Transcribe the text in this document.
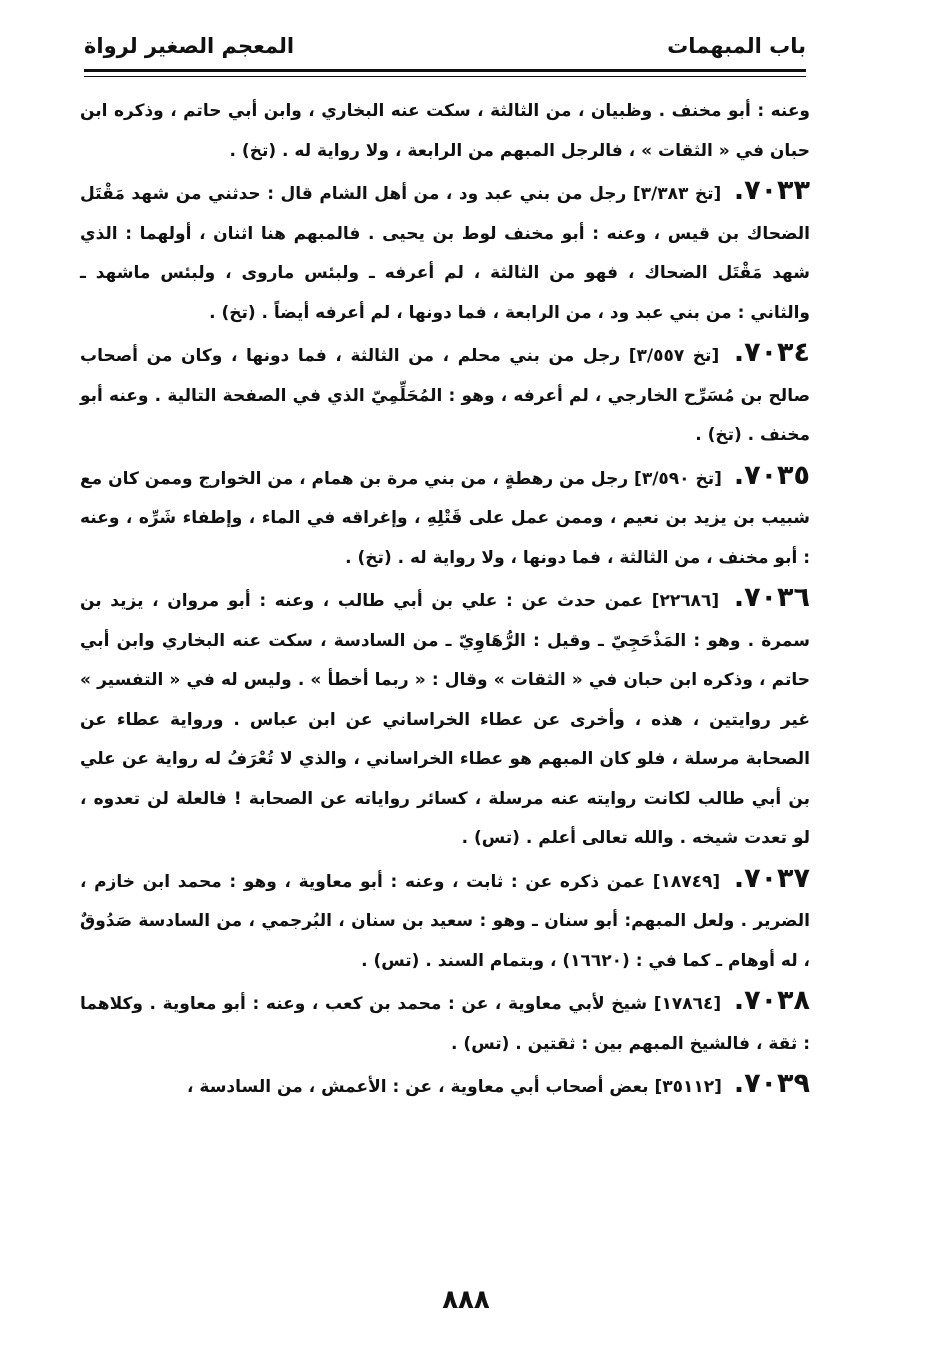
باب المبهمات
المعجم الصغير لرواة

وعنه : أبو مخنف . وظبيان ، من الثالثة ، سكت عنه البخاري ، وابن أبي حاتم ، وذكره ابن حبان في « الثقات » ، فالرجل المبهم من الرابعة ، ولا رواية له . (تخ) .

٧٠٣٣. [تخ ٣/٣٨٣] رجل من بني عبد ود ، من أهل الشام قال : حدثني من شهد مَقْتَل الضحاك بن قيس ، وعنه : أبو مخنف لوط بن يحيى . فالمبهم هنا اثنان ، أولهما : الذي شهد مَقْتَل الضحاك ، فهو من الثالثة ، لم أعرفه ـ ولبئس ماروى ، ولبئس ماشهد ـ والثاني : من بني عبد ود ، من الرابعة ، فما دونها ، لم أعرفه أيضاً . (تخ) .

٧٠٣٤. [تخ ٣/٥٥٧] رجل من بني محلم ، من الثالثة ، فما دونها ، وكان من أصحاب صالح بن مُسَرِّح الخارجي ، لم أعرفه ، وهو : المُحَلِّمِيّ الذي في الصفحة التالية . وعنه أبو مخنف . (تخ) .

٧٠٣٥. [تخ ٣/٥٩٠] رجل من رهطةٍ ، من بني مرة بن همام ، من الخوارج وممن كان مع شبيب بن يزيد بن نعيم ، وممن عمل على قَتْلِهِ ، وإغراقه في الماء ، وإطفاء شَرِّه ، وعنه : أبو مخنف ، من الثالثة ، فما دونها ، ولا رواية له . (تخ) .

٧٠٣٦. [٢٢٦٨٦] عمن حدث عن : علي بن أبي طالب ، وعنه : أبو مروان ، يزيد بن سمرة . وهو : المَذْحَجِيّ ـ وقيل : الرُّهَاوِيّ ـ من السادسة ، سكت عنه البخاري وابن أبي حاتم ، وذكره ابن حبان في « الثقات » وقال : « ربما أخطأ » . وليس له في « التفسير » غير روايتين ، هذه ، وأخرى عن عطاء الخراساني عن ابن عباس . ورواية عطاء عن الصحابة مرسلة ، فلو كان المبهم هو عطاء الخراساني ، والذي لا تُعْرَفُ له رواية عن علي بن أبي طالب لكانت روايته عنه مرسلة ، كسائر رواياته عن الصحابة ! فالعلة لن تعدوه ، لو تعدت شيخه . والله تعالى أعلم . (تس) .

٧٠٣٧. [١٨٧٤٩] عمن ذكره عن : ثابت ، وعنه : أبو معاوية ، وهو : محمد ابن خازم ، الضرير . ولعل المبهم: أبو سنان ـ وهو : سعيد بن سنان ، البُرجمي ، من السادسة صَدُوقٌ ، له أوهام ـ كما في : (١٦٦٢٠) ، وبتمام السند . (تس) .

٧٠٣٨. [١٧٨٦٤] شيخ لأبي معاوية ، عن : محمد بن كعب ، وعنه : أبو معاوية . وكلاهما : ثقة ، فالشيخ المبهم بين : ثقتين . (تس) .

٧٠٣٩. [٣٥١١٢] بعض أصحاب أبي معاوية ، عن : الأعمش ، من السادسة ،

٨٨٨
